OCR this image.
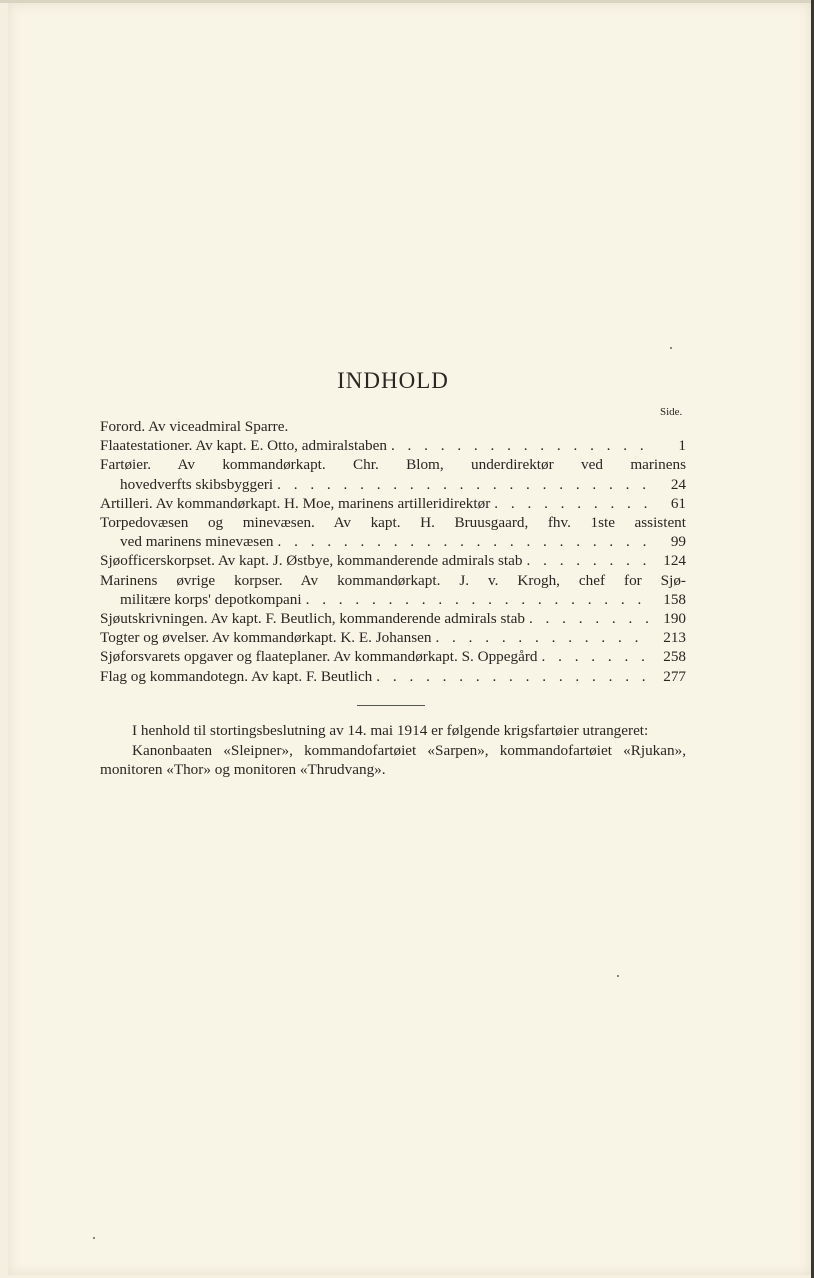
INDHOLD
Side.
Forord. Av viceadmiral Sparre.
Flaatestationer. Av kapt. E. Otto, admiralstaben . . .	1
Fartøier. Av kommandørkapt. Chr. Blom, underdirektør ved marinens
hovedverfts skibsbyggeri . . .	24
Artilleri. Av kommandørkapt. H. Moe, marinens artilleridirektør . . .	61
Torpedovæsen og minevæsen. Av kapt. H. Bruusgaard, fhv. 1ste assistent
ved marinens minevæsen . . .	99
Sjøofficerskorpset. Av kapt. J. Østbye, kommanderende admirals stab . . .	124
Marinens øvrige korpser. Av kommandørkapt. J. v. Krogh, chef for Sjø-
militære korps' depotkompani . . .	158
Sjøutskrivningen. Av kapt. F. Beutlich, kommanderende admirals stab . . .	190
Togter og øvelser. Av kommandørkapt. K. E. Johansen . . .	213
Sjøforsvarets opgaver og flaateplaner. Av kommandørkapt. S. Oppegård . . .	258
Flag og kommandotegn. Av kapt. F. Beutlich . . .	277

I henhold til stortingsbeslutning av 14. mai 1914 er følgende krigsfartøier utrangeret:

Kanonbaaten «Sleipner», kommandofartøiet «Sarpen», kommandofartøiet «Rjukan», monitoren «Thor» og monitoren «Thrudvang».
